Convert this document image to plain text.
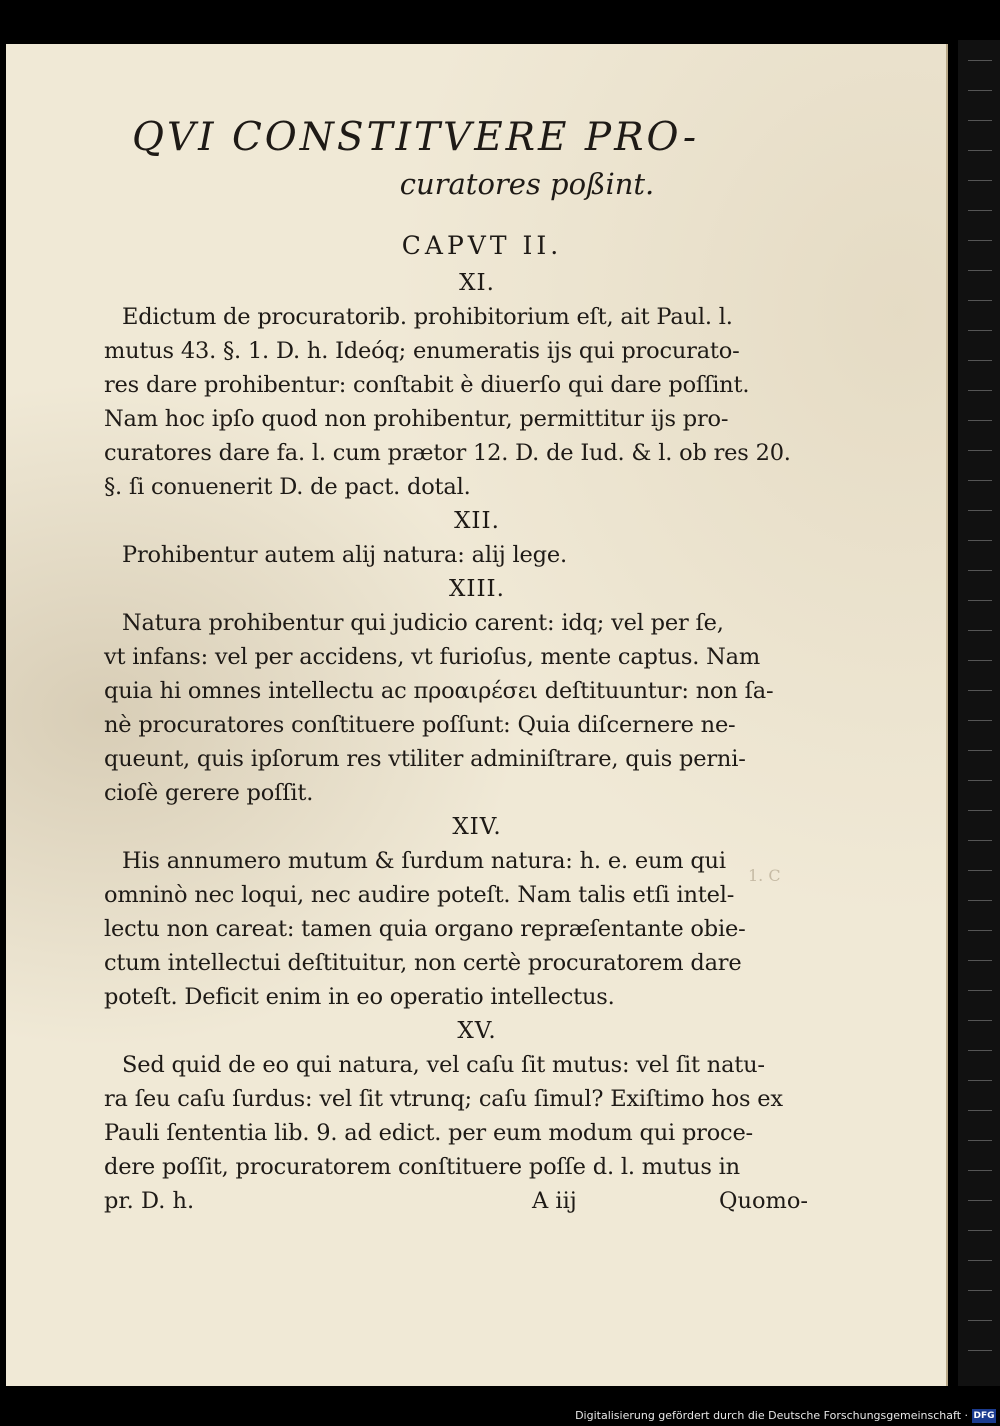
1. C

QVI CONSTITVERE PRO-

curatores poßint.

CAPVT II.

XI.

Edictum de procuratorib. prohibitorium eſt, ait Paul. l.

mutus 43. §. 1. D. h. Ideóq; enumeratis ijs qui procuratо-

res dare prohibentur: conſtabit è diuerſo qui dare poſſint.

Nam hoc ipſo quod non prohibentur, permittitur ijs pro-

curatores dare fa. l. cum prætor 12. D. de Iud. & l. ob res 20.

§. ſi conuenerit D. de pact. dotal.

XII.

Prohibentur autem alij natura: alij lege.

XIII.

Natura prohibentur qui judicio carent: idq; vel per ſe,

vt infans: vel per accidens, vt furioſus, mente captus. Nam

quia hi omnes intellectu ac προαιρέσει deſtituuntur: non ſa-

nè procuratores conſtituere poſſunt: Quia diſcernere ne-

queunt, quis ipſorum res vtiliter adminiſtrare, quis perni-

cioſè gerere poſſit.

XIV.

His annumero mutum & ſurdum natura: h. e. eum qui

omninò nec loqui, nec audire poteſt. Nam talis etſi intel-

lectu non careat: tamen quia organo repræſentante obie-

ctum intellectui deſtituitur, non certè procuratorem dare

poteſt. Deficit enim in eo operatio intellectus.

XV.

Sed quid de eo qui natura, vel caſu ſit mutus: vel ſit natu-

ra ſeu caſu ſurdus: vel ſit vtrunq; caſu ſimul? Exiſtimo hos ex

Pauli ſententia lib. 9. ad edict. per eum modum qui proce-

dere poſſit, procuratorem conſtituere poſſe d. l. mutus in

pr. D. h.	A iij	Quomo-
Digitalisierung gefördert durch die Deutsche Forschungsgemeinschaft · DFG
